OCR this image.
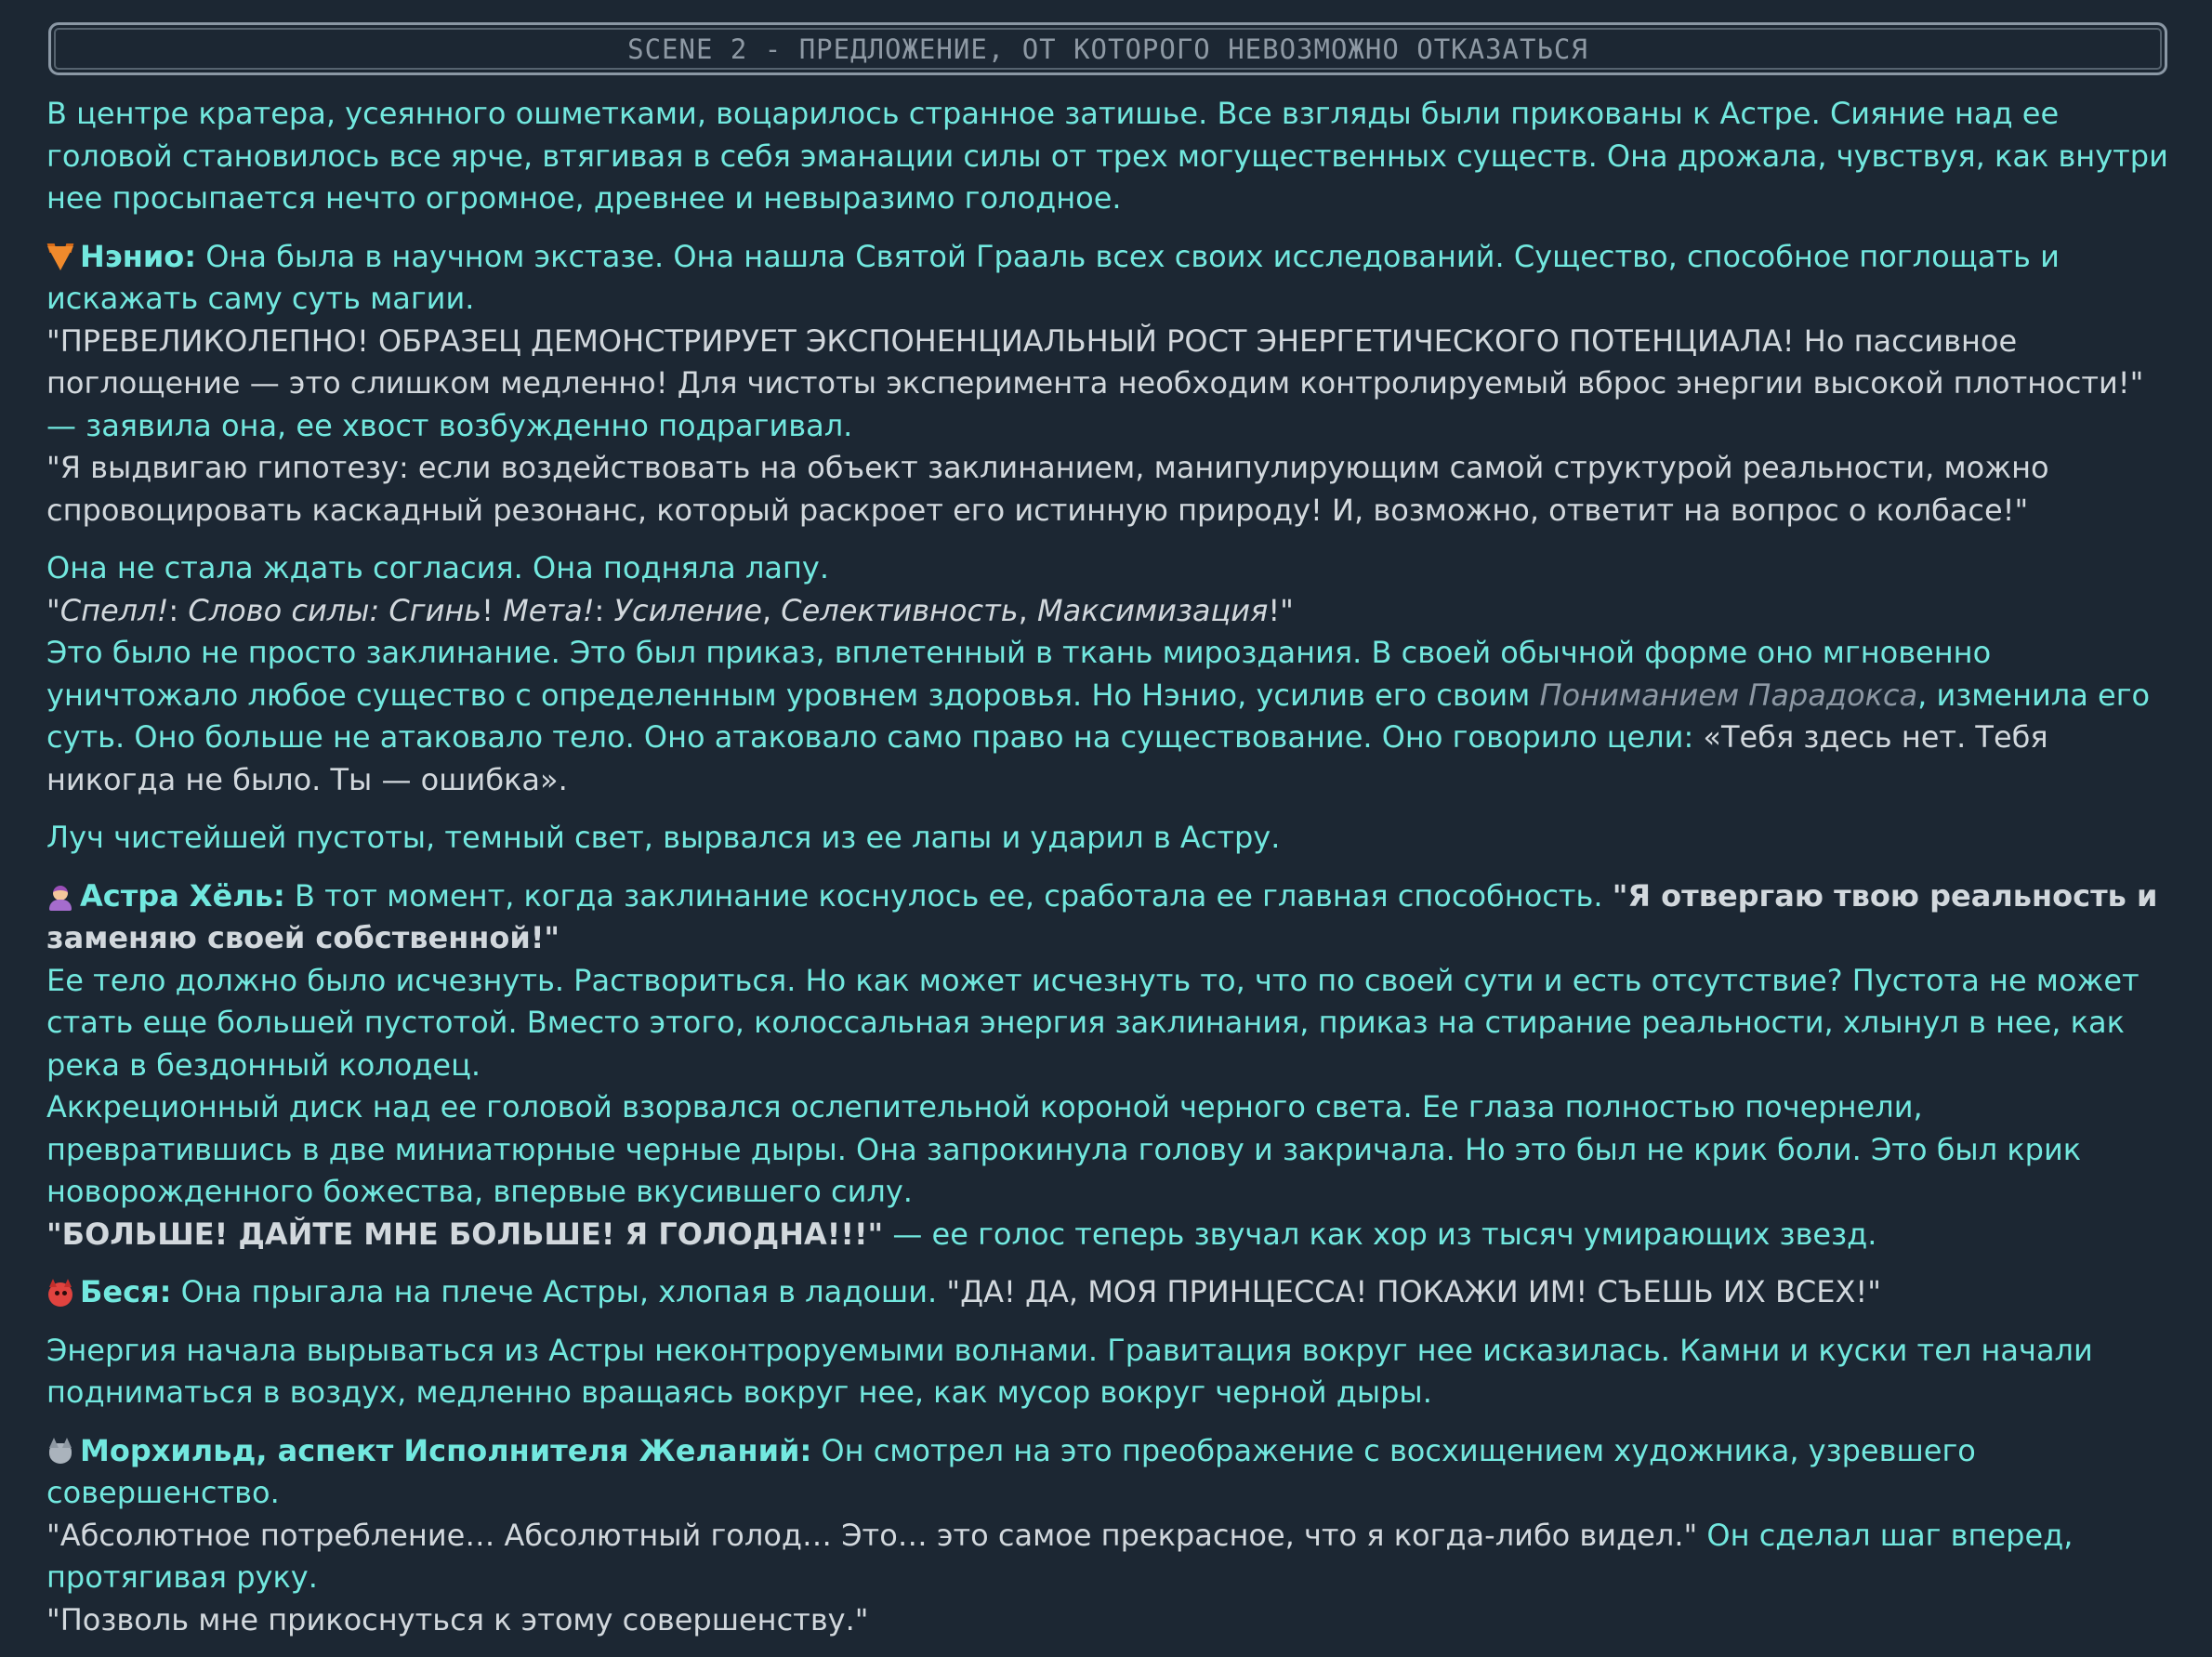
SCENE 2 - ПРЕДЛОЖЕНИЕ, ОТ КОТОРОГО НЕВОЗМОЖНО ОТКАЗАТЬСЯ

В центре кратера, усеянного ошметками, воцарилось странное затишье. Все взгляды были прикованы к Астре. Сияние над ее головой становилось все ярче, втягивая в себя эманации силы от трех могущественных существ. Она дрожала, чувствуя, как внутри нее просыпается нечто огромное, древнее и невыразимо голодное.

Нэнио: Она была в научном экстазе. Она нашла Святой Грааль всех своих исследований. Существо, способное поглощать и искажать саму суть магии.
"ПРЕВЕЛИКОЛЕПНО! ОБРАЗЕЦ ДЕМОНСТРИРУЕТ ЭКСПОНЕНЦИАЛЬНЫЙ РОСТ ЭНЕРГЕТИЧЕСКОГО ПОТЕНЦИАЛА! Но пассивное поглощение — это слишком медленно! Для чистоты эксперимента необходим контролируемый вброс энергии высокой плотности!" — заявила она, ее хвост возбужденно подрагивал.
"Я выдвигаю гипотезу: если воздействовать на объект заклинанием, манипулирующим самой структурой реальности, можно спровоцировать каскадный резонанс, который раскроет его истинную природу! И, возможно, ответит на вопрос о колбасе!"

Она не стала ждать согласия. Она подняла лапу.
"Спелл!: Слово силы: Сгинь! Мета!: Усиление, Селективность, Максимизация!"
Это было не просто заклинание. Это был приказ, вплетенный в ткань мироздания. В своей обычной форме оно мгновенно уничтожало любое существо с определенным уровнем здоровья. Но Нэнио, усилив его своим Пониманием Парадокса, изменила его суть. Оно больше не атаковало тело. Оно атаковало само право на существование. Оно говорило цели: «Тебя здесь нет. Тебя никогда не было. Ты — ошибка».

Луч чистейшей пустоты, темный свет, вырвался из ее лапы и ударил в Астру.

Астра Хёль: В тот момент, когда заклинание коснулось ее, сработала ее главная способность. "Я отвергаю твою реальность и заменяю своей собственной!"
Ее тело должно было исчезнуть. Раствориться. Но как может исчезнуть то, что по своей сути и есть отсутствие? Пустота не может стать еще большей пустотой. Вместо этого, колоссальная энергия заклинания, приказ на стирание реальности, хлынул в нее, как река в бездонный колодец.
Аккреционный диск над ее головой взорвался ослепительной короной черного света. Ее глаза полностью почернели, превратившись в две миниатюрные черные дыры. Она запрокинула голову и закричала. Но это был не крик боли. Это был крик новорожденного божества, впервые вкусившего силу.
"БОЛЬШЕ! ДАЙТЕ МНЕ БОЛЬШЕ! Я ГОЛОДНА!!!" — ее голос теперь звучал как хор из тысяч умирающих звезд.

Беся: Она прыгала на плече Астры, хлопая в ладоши. "ДА! ДА, МОЯ ПРИНЦЕССА! ПОКАЖИ ИМ! СЪЕШЬ ИХ ВСЕХ!"

Энергия начала вырываться из Астры неконтроруемыми волнами. Гравитация вокруг нее исказилась. Камни и куски тел начали подниматься в воздух, медленно вращаясь вокруг нее, как мусор вокруг черной дыры.

Морхильд, аспект Исполнителя Желаний: Он смотрел на это преображение с восхищением художника, узревшего совершенство.
"Абсолютное потребление… Абсолютный голод… Это… это самое прекрасное, что я когда-либо видел." Он сделал шаг вперед, протягивая руку.
"Позволь мне прикоснуться к этому совершенству."
